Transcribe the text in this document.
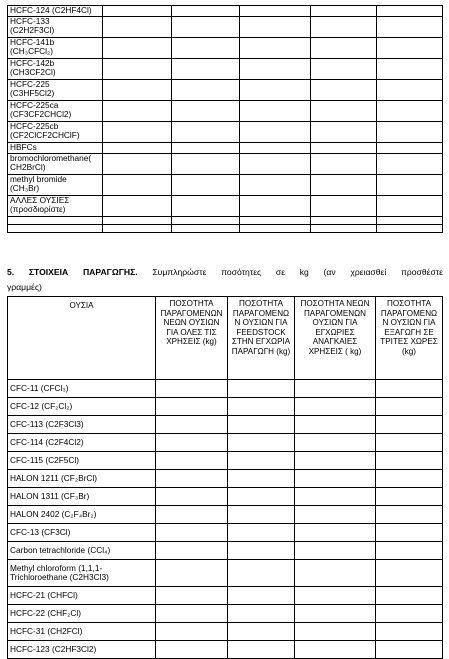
HCFC-124 (C2HF4Cl)					

HCFC-133
(C2H2F3Cl)					

HCFC-141b
(CH₃CFCl₂)					

HCFC-142b
(CH3CF2Cl)					

HCFC-225
(C3HF5Cl2)					

HCFC-225ca
(CF3CF2CHCl2)					

HCFC-225cb
(CF2ClCF2CHClF)					

HBFCs					

bromochloromethane(
CH2BrCl)					

methyl bromide
(CH₃Br)					

ΑΛΛΕΣ ΟΥΣΙΕΣ
(προσδιορίστε)					

5. ΣΤΟΙΧΕΙΑ ΠΑΡΑΓΩΓΗΣ. Συμπληρώστε ποσότητες σε kg (αν χρειασθεί προσθέστε
γραμμές)
ΟΥΣΙΑ	ΠΟΣΟΤΗΤΑ ΠΑΡΑΓΟΜΕΝΩΝ ΝΕΩΝ ΟΥΣΙΩΝ ΓΙΑ ΟΛΕΣ ΤΙΣ ΧΡΗΣΕΙΣ (kg)	ΠΟΣΟΤΗΤΑ ΠΑΡΑΓΟΜΕΝΩ Ν ΟΥΣΙΩΝ ΓΙΑ FEEDSTOCK ΣΤΗΝ ΕΓΧΩΡΙΑ ΠΑΡΑΓΩΓΗ (kg)	ΠΟΣΟΤΗΤΑ ΝΕΩΝ ΠΑΡΑΓΟΜΕΝΩΝ ΟΥΣΙΩΝ ΓΙΑ ΕΓΧΩΡΙΕΣ ΑΝΑΓΚΑΙΕΣ ΧΡΗΣΕΙΣ ( kg)	ΠΟΣΟΤΗΤΑ ΠΑΡΑΓΟΜΕΝΩ Ν ΟΥΣΙΩΝ ΓΙΑ ΕΞΑΓΩΓΗ ΣΕ ΤΡΙΤΕΣ ΧΩΡΕΣ (kg)
CFC-11 (CFCl₃)				
CFC-12 (CF₂Cl₂)				
CFC-113 (C2F3Cl3)				
CFC-114 (C2F4Cl2)				
CFC-115 (C2F5Cl)				
HALON 1211 (CF₂BrCl)				
HALON 1311 (CF₃Br)				
HALON 2402 (C₂F₄Br₂)				
CFC-13 (CF3Cl)				
Carbon tetrachloride (CCl₄)				

Methyl chloroform (1,1,1-
Trichloroethane (C2H3Cl3)				

HCFC-21 (CHFCl)				
HCFC-22 (CHF₂Cl)				
HCFC-31 (CH2FCl)				
HCFC-123 (C2HF3Cl2)				
